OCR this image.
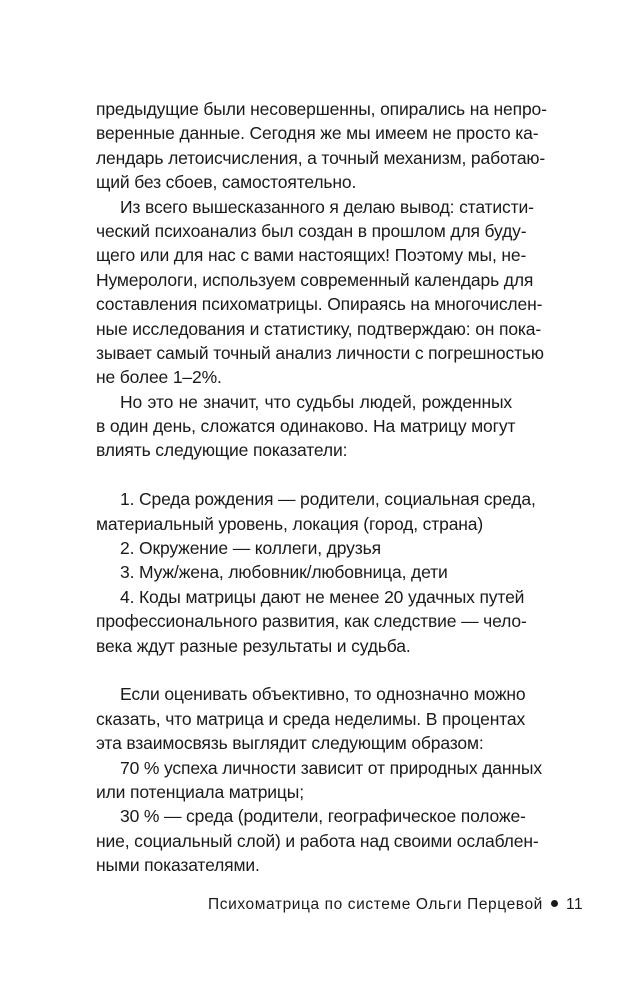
предыдущие были несовершенны, опирались на непро-
веренные данные. Сегодня же мы имеем не просто ка-
лендарь летоисчисления, а точный механизм, работаю-
щий без сбоев, самостоятельно.
Из всего вышесказанного я делаю вывод: статисти-
ческий психоанализ был создан в прошлом для буду-
щего или для нас с вами настоящих! Поэтому мы, не-
Нумерологи, используем современный календарь для
составления психоматрицы. Опираясь на многочислен-
ные исследования и статистику, подтверждаю: он пока-
зывает самый точный анализ личности с погрешностью
не более 1–2%.
Но это не значит, что судьбы людей, рожденных
в один день, сложатся одинаково. На матрицу могут
влиять следующие показатели:
1. Среда рождения — родители, социальная среда,
материальный уровень, локация (город, страна)
2. Окружение — коллеги, друзья
3. Муж/жена, любовник/любовница, дети
4. Коды матрицы дают не менее 20 удачных путей
профессионального развития, как следствие — чело-
века ждут разные результаты и судьба.
Если оценивать объективно, то однозначно можно
сказать, что матрица и среда неделимы. В процентах
эта взаимосвязь выглядит следующим образом:
70 % успеха личности зависит от природных данных
или потенциала матрицы;
30 % — среда (родители, географическое положе-
ние, социальный слой) и работа над своими ослаблен-
ными показателями.
Психоматрица по системе Ольги Перцевой 11
